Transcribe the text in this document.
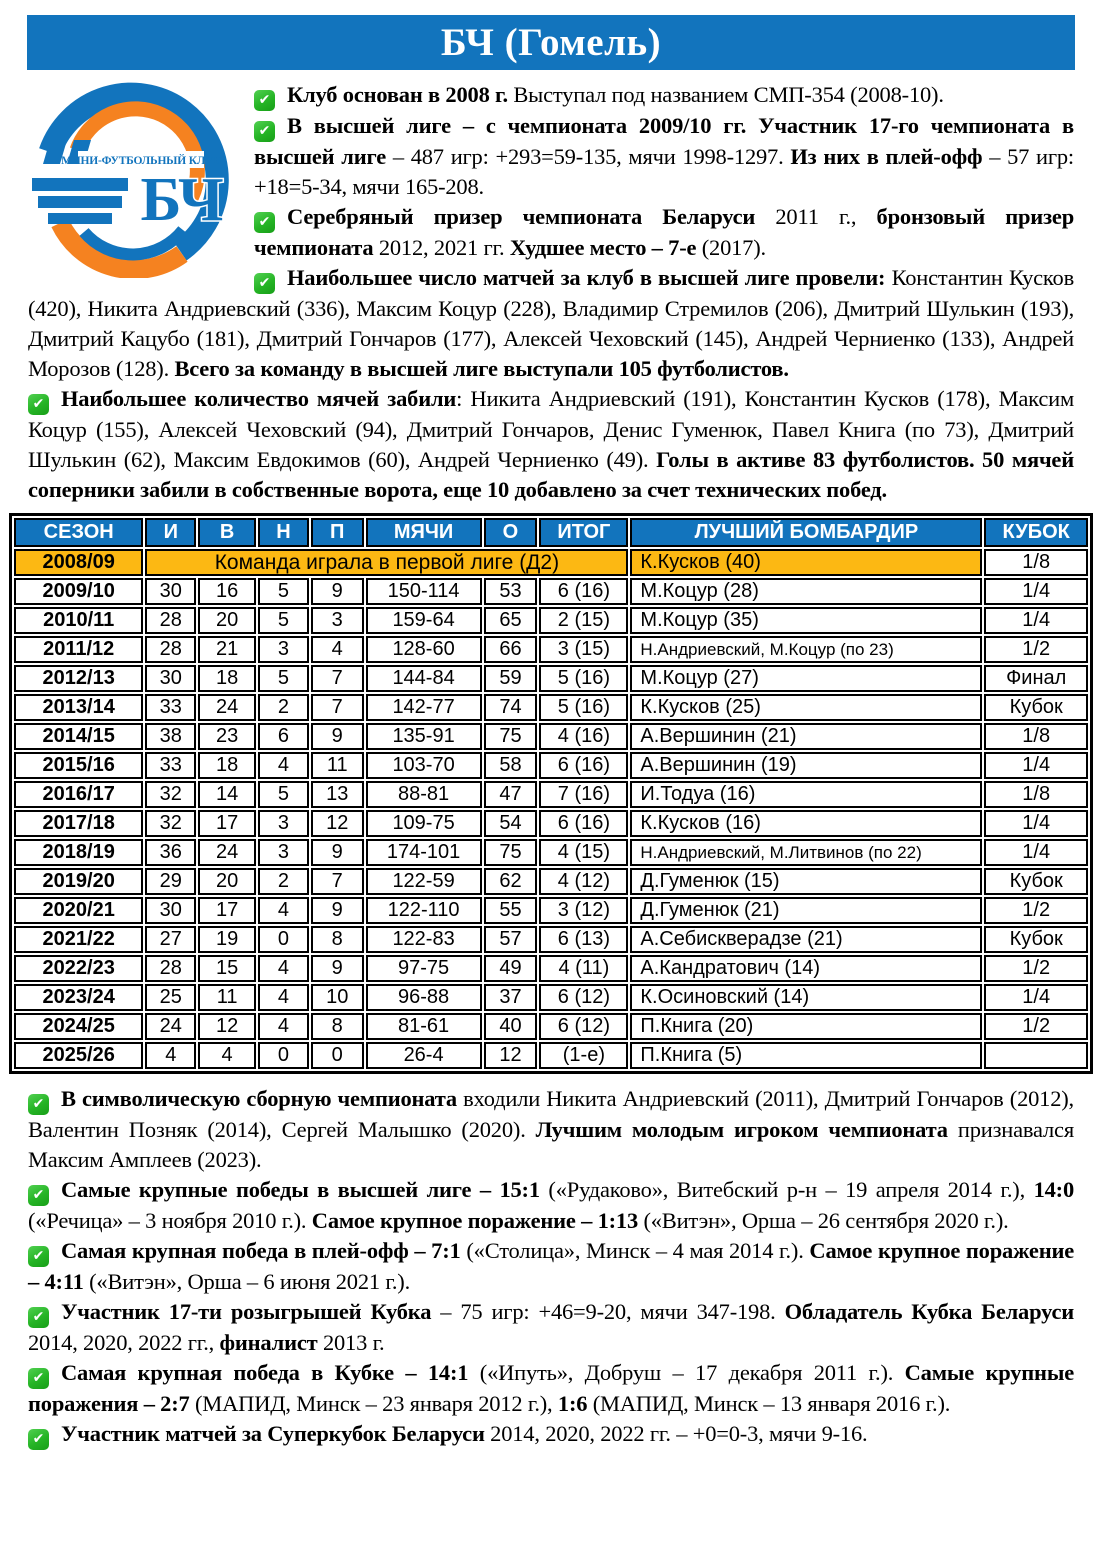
БЧ (Гомель)
МИНИ-ФУТБОЛЬНЫЙ КЛУБ
БЧ

✔Клуб основан в 2008 г. Выступал под названием СМП-354 (2008-10).

✔В высшей лиге – с чемпионата 2009/10 гг. Участник 17-го чемпионата в высшей лиге – 487 игр: +293=59-135, мячи 1998-1297. Из них в плей-офф – 57 игр: +18=5-34, мячи 165-208.

✔Серебряный призер чемпионата Беларуси 2011 г., бронзовый призер чемпионата 2012, 2021 гг. Худшее место – 7-е (2017).

✔Наибольшее число матчей за клуб в высшей лиге провели: Константин Кусков (420), Никита Андриевский (336), Максим Коцур (228), Владимир Стремилов (206), Дмитрий Шулькин (193), Дмитрий Кацубо (181), Дмитрий Гончаров (177), Алексей Чеховский (145), Андрей Черниенко (133), Андрей Морозов (128). Всего за команду в высшей лиге выступали 105 футболистов.

✔Наибольшее количество мячей забили: Никита Андриевский (191), Константин Кусков (178), Максим Коцур (155), Алексей Чеховский (94), Дмитрий Гончаров, Денис Гуменюк, Павел Книга (по 73), Дмитрий Шулькин (62), Максим Евдокимов (60), Андрей Черниенко (49). Голы в активе 83 футболистов. 50 мячей соперники забили в собственные ворота, еще 10 добавлено за счет технических побед.

СЕЗОН	И	В	Н	П	МЯЧИ	О	ИТОГ	ЛУЧШИЙ БОМБАРДИР	КУБОК
2008/09	Команда играла в первой лиге (Д2)							К.Кусков (40)	1/8
2009/10	30	16	5	9	150-114	53	6 (16)	М.Коцур (28)	1/4
2010/11	28	20	5	3	159-64	65	2 (15)	М.Коцур (35)	1/4
2011/12	28	21	3	4	128-60	66	3 (15)	Н.Андриевский, М.Коцур (по 23)	1/2
2012/13	30	18	5	7	144-84	59	5 (16)	М.Коцур (27)	Финал
2013/14	33	24	2	7	142-77	74	5 (16)	К.Кусков (25)	Кубок
2014/15	38	23	6	9	135-91	75	4 (16)	А.Вершинин (21)	1/8
2015/16	33	18	4	11	103-70	58	6 (16)	А.Вершинин (19)	1/4
2016/17	32	14	5	13	88-81	47	7 (16)	И.Тодуа (16)	1/8
2017/18	32	17	3	12	109-75	54	6 (16)	К.Кусков (16)	1/4
2018/19	36	24	3	9	174-101	75	4 (15)	Н.Андриевский, М.Литвинов (по 22)	1/4
2019/20	29	20	2	7	122-59	62	4 (12)	Д.Гуменюк (15)	Кубок
2020/21	30	17	4	9	122-110	55	3 (12)	Д.Гуменюк (21)	1/2
2021/22	27	19	0	8	122-83	57	6 (13)	А.Себискверадзе (21)	Кубок
2022/23	28	15	4	9	97-75	49	4 (11)	А.Кандратович (14)	1/2
2023/24	25	11	4	10	96-88	37	6 (12)	К.Осиновский (14)	1/4
2024/25	24	12	4	8	81-61	40	6 (12)	П.Книга (20)	1/2
2025/26	4	4	0	0	26-4	12	(1-е)	П.Книга (5)	

✔В символическую сборную чемпионата входили Никита Андриевский (2011), Дмитрий Гончаров (2012), Валентин Позняк (2014), Сергей Малышко (2020). Лучшим молодым игроком чемпионата признавался Максим Амплеев (2023).

✔Самые крупные победы в высшей лиге – 15:1 («Рудаково», Витебский р-н – 19 апреля 2014 г.), 14:0 («Речица» – 3 ноября 2010 г.). Самое крупное поражение – 1:13 («Витэн», Орша – 26 сентября 2020 г.).

✔Самая крупная победа в плей-офф – 7:1 («Столица», Минск – 4 мая 2014 г.). Самое крупное поражение – 4:11 («Витэн», Орша – 6 июня 2021 г.).

✔Участник 17-ти розыгрышей Кубка – 75 игр: +46=9-20, мячи 347-198. Обладатель Кубка Беларуси 2014, 2020, 2022 гг., финалист 2013 г.

✔Самая крупная победа в Кубке – 14:1 («Ипуть», Добруш – 17 декабря 2011 г.). Самые крупные поражения – 2:7 (МАПИД, Минск – 23 января 2012 г.), 1:6 (МАПИД, Минск – 13 января 2016 г.).

✔Участник матчей за Суперкубок Беларуси 2014, 2020, 2022 гг. – +0=0-3, мячи 9-16.
